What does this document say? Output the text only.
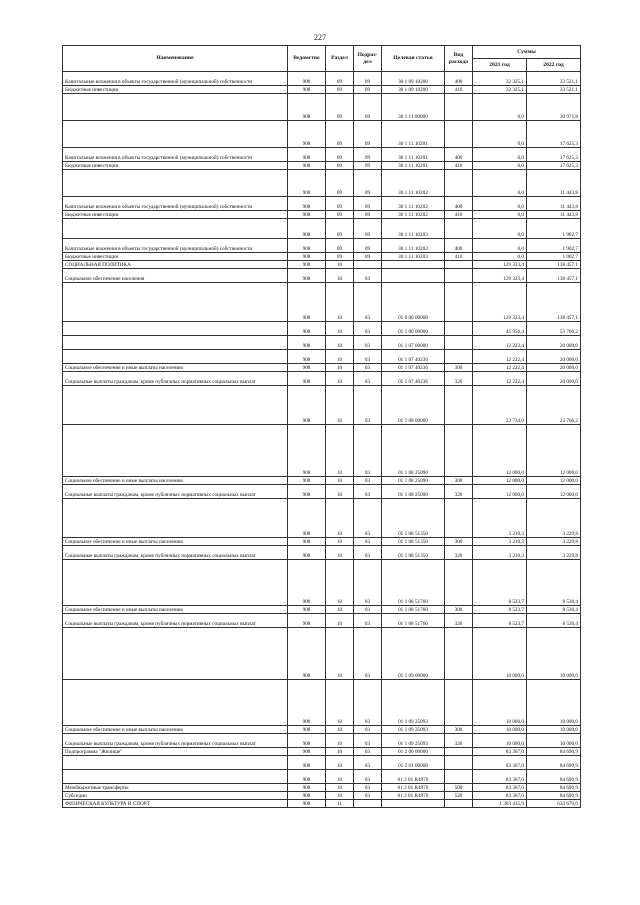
227
Наименование	Ведомство	Раздел	Подраз-дел	Целевая статья	Вид расхода	Суммы	
						2021 год	2022 год
Капитальные вложения в объекты государственной (муниципальной) собственности	908	09	09	30 1 09 10200	400	32 325,1	33 521,1
Бюджетные инвестиции	908	09	09	30 1 09 10200	410	32 325,1	33 521,1
	908	09	09	30 1 11 00000		0,0	30 971,8
	908	09	09	30 1 11 10201		0,0	17 625,3
Капитальные вложения в объекты государственной (муниципальной) собственности	908	09	09	30 1 11 10201	400	0,0	17 625,3
Бюджетные инвестиции	908	09	09	30 1 11 10201	410	0,0	17 625,3
	908	09	09	30 1 11 10202		0,0	11 443,8
Капитальные вложения в объекты государственной (муниципальной) собственности	908	09	09	30 1 11 10202	400	0,0	11 443,8
Бюджетные инвестиции	908	09	09	30 1 11 10202	410	0,0	11 443,8
	908	09	09	30 1 11 10203		0,0	1 902,7
Капитальные вложения в объекты государственной (муниципальной) собственности	908	09	09	30 1 11 10203	400	0,0	1 902,7
Бюджетные инвестиции	908	09	09	30 1 11 10203	410	0,0	1 902,7
СОЦИАЛЬНАЯ ПОЛИТИКА	908	10				129 323,4	138 457,1
Социальное обеспечение населения	908	10	03			129 323,4	138 457,1
	908	10	03	01 0 00 00000		129 323,4	138 457,1
	908	10	03	01 1 00 00000		45 956,4	53 766,2
	908	10	03	01 1 07 00000		12 222,4	20 000,0
	908	10	03	01 1 07 40236		12 222,4	20 000,0
Социальное обеспечение и иные выплаты населению	908	10	03	01 1 07 40236	300	12 222,4	20 000,0
Социальные выплаты гражданам, кроме публичных нормативных социальных выплат	908	10	03	01 1 07 40236	320	12 222,4	20 000,0
	908	10	03	01 1 08 00000		23 734,0	23 766,2
	908	10	03	01 1 08 25090		12 000,0	12 000,0
Социальное обеспечение и иные выплаты населению	908	10	03	01 1 08 25090	300	12 000,0	12 000,0
Социальные выплаты гражданам, кроме публичных нормативных социальных выплат	908	10	03	01 1 08 25090	320	12 000,0	12 000,0
	908	10	03	01 1 08 51350		3 210,3	3 229,8
Социальное обеспечение и иные выплаты населению	908	10	03	01 1 08 51350	300	3 210,3	3 229,8
Социальные выплаты гражданам, кроме публичных нормативных социальных выплат	908	10	03	01 1 08 51350	320	3 210,3	3 229,8
	908	10	03	01 1 08 51760		8 523,7	8 536,4
Социальное обеспечение и иные выплаты населению	908	10	03	01 1 08 51760	300	8 523,7	8 536,4
Социальные выплаты гражданам, кроме публичных нормативных социальных выплат	908	10	03	01 1 08 51760	320	8 523,7	8 536,4
	908	10	03	01 1 09 00000		10 000,0	10 000,0
	908	10	03	01 1 09 25093		10 000,0	10 000,0
Социальное обеспечение и иные выплаты населению	908	10	03	01 1 09 25093	300	10 000,0	10 000,0
Социальные выплаты гражданам, кроме публичных нормативных социальных выплат	908	10	03	01 1 09 25093	320	10 000,0	10 000,0
Подпрограмма "Жилище"	908	10	03	01 2 00 00000		83 367,0	84 690,9
	908	10	03	01 2 01 00000		83 367,0	84 690,9
	908	10	03	01 2 01 R4970		83 367,0	84 690,9
Межбюджетные трансферты	908	10	03	01 2 01 R4970	500	83 367,0	84 690,9
Субсидии	908	10	03	01 2 01 R4970	520	83 367,0	84 690,9
ФИЗИЧЕСКАЯ КУЛЬТУРА И СПОРТ	908	11				1 303 435,9	633 670,0
